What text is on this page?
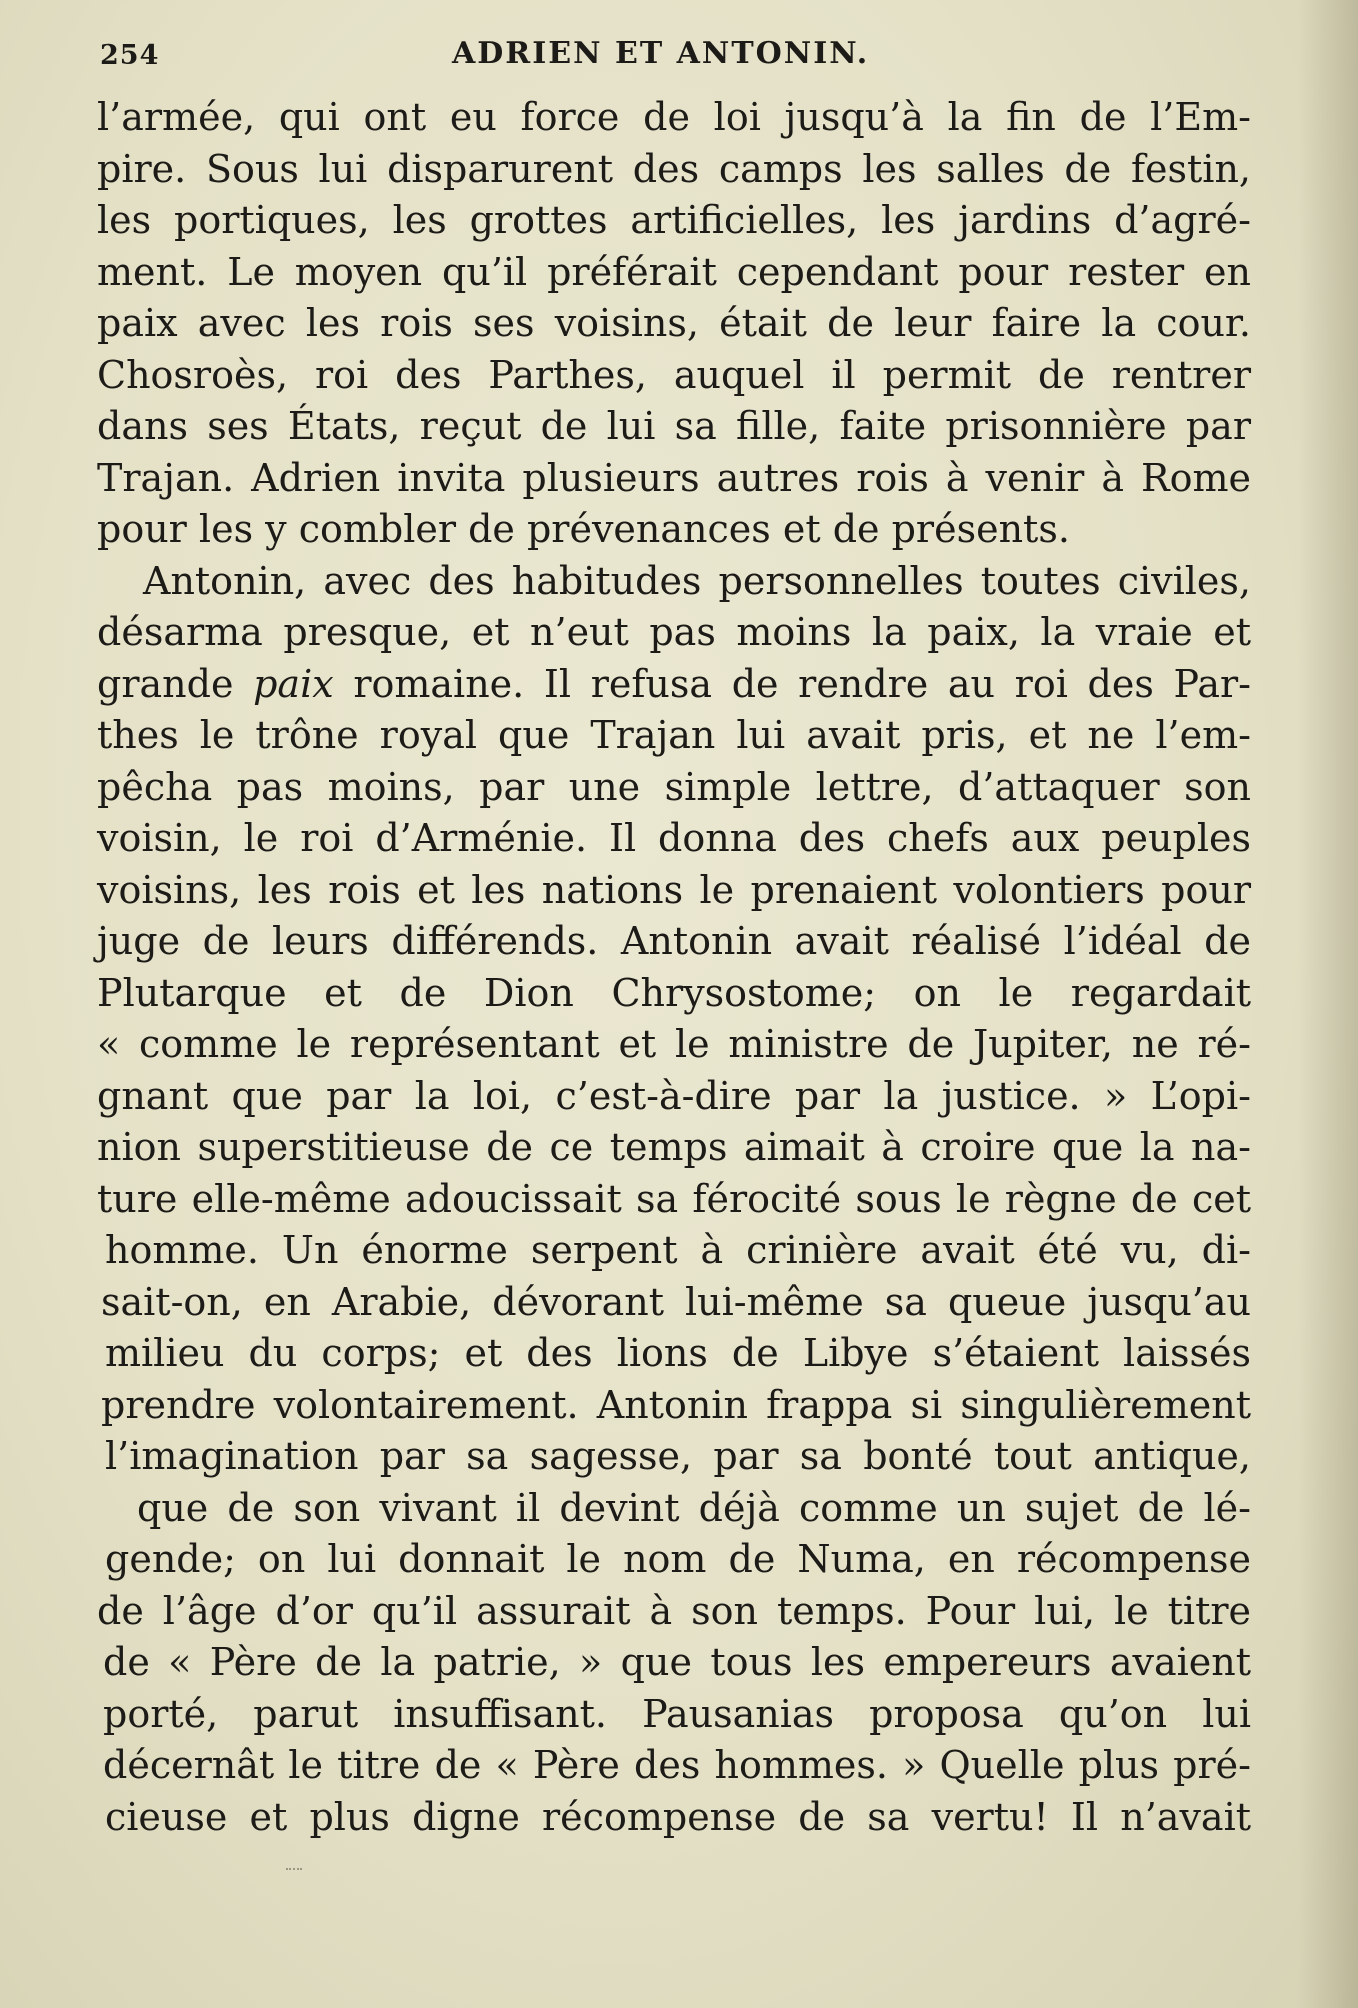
254	ADRIEN ET ANTONIN.
l’armée, qui ont eu force de loi jusqu’à la fin de l’Em-
pire. Sous lui disparurent des camps les salles de festin,
les portiques, les grottes artificielles, les jardins d’agré-
ment. Le moyen qu’il préférait cependant pour rester en
paix avec les rois ses voisins, était de leur faire la cour.
Chosroès, roi des Parthes, auquel il permit de rentrer
dans ses États, reçut de lui sa fille, faite prisonnière par
Trajan. Adrien invita plusieurs autres rois à venir à Rome
pour les y combler de prévenances et de présents.
Antonin, avec des habitudes personnelles toutes civiles,
désarma presque, et n’eut pas moins la paix, la vraie et
grande paix romaine. Il refusa de rendre au roi des Par-
thes le trône royal que Trajan lui avait pris, et ne l’em-
pêcha pas moins, par une simple lettre, d’attaquer son
voisin, le roi d’Arménie. Il donna des chefs aux peuples
voisins, les rois et les nations le prenaient volontiers pour
juge de leurs différends. Antonin avait réalisé l’idéal de
Plutarque et de Dion Chrysostome; on le regardait
« comme le représentant et le ministre de Jupiter, ne ré-
gnant que par la loi, c’est-à-dire par la justice. » L’opi-
nion superstitieuse de ce temps aimait à croire que la na-
ture elle-même adoucissait sa férocité sous le règne de cet
homme. Un énorme serpent à crinière avait été vu, di-
sait-on, en Arabie, dévorant lui-même sa queue jusqu’au
milieu du corps; et des lions de Libye s’étaient laissés
prendre volontairement. Antonin frappa si singulièrement
l’imagination par sa sagesse, par sa bonté tout antique,
que de son vivant il devint déjà comme un sujet de lé-
gende; on lui donnait le nom de Numa, en récompense
de l’âge d’or qu’il assurait à son temps. Pour lui, le titre
de « Père de la patrie, » que tous les empereurs avaient
porté, parut insuffisant. Pausanias proposa qu’on lui
décernât le titre de « Père des hommes. » Quelle plus pré-
cieuse et plus digne récompense de sa vertu! Il n’avait
